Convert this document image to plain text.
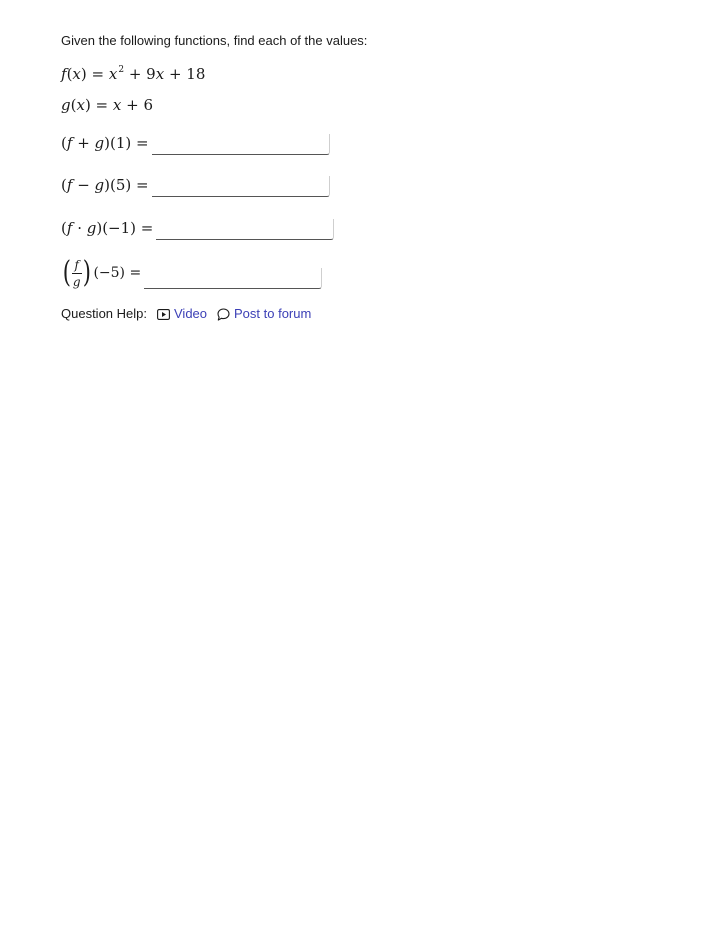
Given the following functions, find each of the values:

$f(x) = x^2 + 9x + 18$
g(x) = x + 6
(f + g)(1) =
(f − g)(5) =
(f · g)(−1) =
( $\frac{f}{g}$ ) (−5) =
Question Help: Video Post to forum
